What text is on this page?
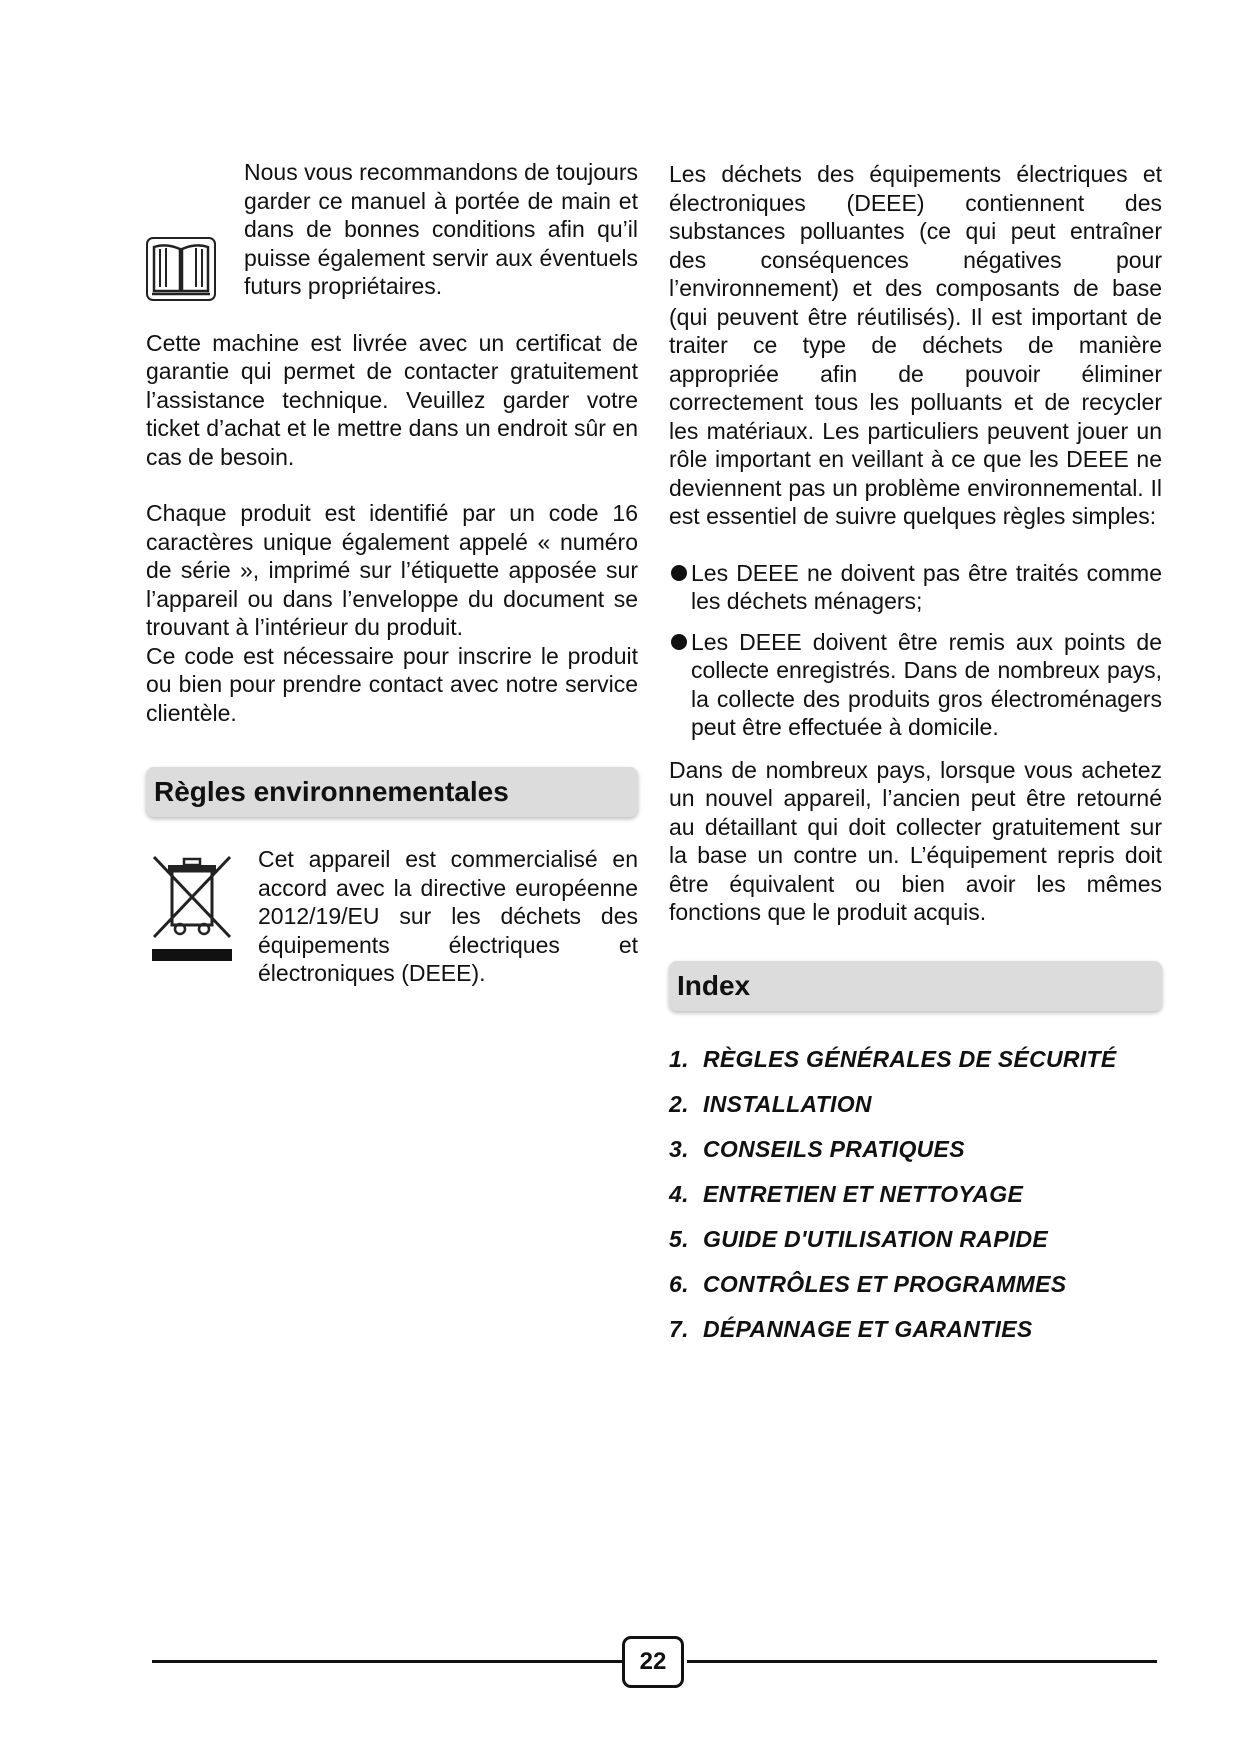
Nous vous recommandons de toujours garder ce manuel à portée de main et dans de bonnes conditions afin qu’il puisse également servir aux éventuels futurs propriétaires.

Cette machine est livrée avec un certificat de garantie qui permet de contacter gratuitement l’assistance technique. Veuillez garder votre ticket d’achat et le mettre dans un endroit sûr en cas de besoin.

Chaque produit est identifié par un code 16 caractères unique également appelé « numéro de série », imprimé sur l’étiquette apposée sur l’appareil ou dans l’enveloppe du document se trouvant à l’intérieur du produit.

Ce code est nécessaire pour inscrire le produit ou bien pour prendre contact avec notre service clientèle.

Règles environnementales

Cet appareil est commercialisé en accord avec la directive européenne 2012/19/EU sur les déchets des équipements électriques et électroniques (DEEE).

Les déchets des équipements électriques et électroniques (DEEE) contiennent des substances polluantes (ce qui peut entraîner des conséquences négatives pour l’environnement) et des composants de base (qui peuvent être réutilisés). Il est important de traiter ce type de déchets de manière appropriée afin de pouvoir éliminer correctement tous les polluants et de recycler les matériaux. Les particuliers peuvent jouer un rôle important en veillant à ce que les DEEE ne deviennent pas un problème environnemental. Il est essentiel de suivre quelques règles simples:

Les DEEE ne doivent pas être traités comme les déchets ménagers;
Les DEEE doivent être remis aux points de collecte enregistrés. Dans de nombreux pays, la collecte des produits gros électroménagers peut être effectuée à domicile.

Dans de nombreux pays, lorsque vous achetez un nouvel appareil, l’ancien peut être retourné au détaillant qui doit collecter gratuitement sur la base un contre un. L’équipement repris doit être équivalent ou bien avoir les mêmes fonctions que le produit acquis.

Index
1. RÈGLES GÉNÉRALES DE SÉCURITÉ
2. INSTALLATION
3. CONSEILS PRATIQUES
4. ENTRETIEN ET NETTOYAGE
5. GUIDE D'UTILISATION RAPIDE
6. CONTRÔLES ET PROGRAMMES
7. DÉPANNAGE ET GARANTIES
22
